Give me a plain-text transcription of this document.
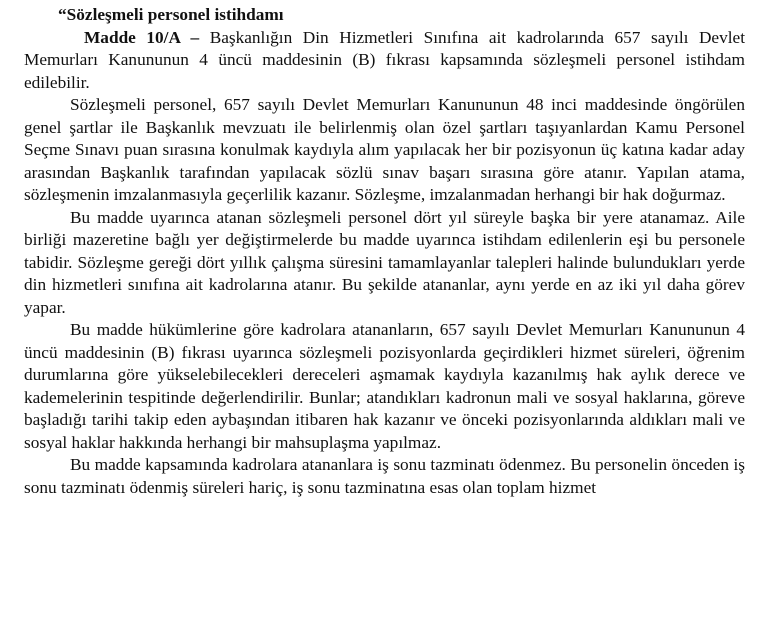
“Sözleşmeli personel istihdamı

Madde 10/A – Başkanlığın Din Hizmetleri Sınıfına ait kadrolarında 657 sayılı Devlet Memurları Kanununun 4 üncü maddesinin (B) fıkrası kapsamında sözleşmeli personel istihdam edilebilir.

Sözleşmeli personel, 657 sayılı Devlet Memurları Kanununun 48 inci maddesinde öngörülen genel şartlar ile Başkanlık mevzuatı ile belirlenmiş olan özel şartları taşıyanlardan Kamu Personel Seçme Sınavı puan sırasına konulmak kaydıyla alım yapılacak her bir pozisyonun üç katına kadar aday arasından Başkanlık tarafından yapılacak sözlü sınav başarı sırasına göre atanır. Yapılan atama, sözleşmenin imzalanmasıyla geçerlilik kazanır. Sözleşme, imzalanmadan herhangi bir hak doğurmaz.

Bu madde uyarınca atanan sözleşmeli personel dört yıl süreyle başka bir yere atanamaz. Aile birliği mazeretine bağlı yer değiştirmelerde bu madde uyarınca istihdam edilenlerin eşi bu personele tabidir. Sözleşme gereği dört yıllık çalışma süresini tamamlayanlar talepleri halinde bulundukları yerde din hizmetleri sınıfına ait kadrolarına atanır. Bu şekilde atananlar, aynı yerde en az iki yıl daha görev yapar.

Bu madde hükümlerine göre kadrolara atananların, 657 sayılı Devlet Memurları Kanununun 4 üncü maddesinin (B) fıkrası uyarınca sözleşmeli pozisyonlarda geçirdikleri hizmet süreleri, öğrenim durumlarına göre yükselebilecekleri dereceleri aşmamak kaydıyla kazanılmış hak aylık derece ve kademelerinin tespitinde değerlendirilir. Bunlar; atandıkları kadronun mali ve sosyal haklarına, göreve başladığı tarihi takip eden aybaşından itibaren hak kazanır ve önceki pozisyonlarında aldıkları mali ve sosyal haklar hakkında herhangi bir mahsuplaşma yapılmaz.

Bu madde kapsamında kadrolara atananlara iş sonu tazminatı ödenmez. Bu personelin önceden iş sonu tazminatı ödenmiş süreleri hariç, iş sonu tazminatına esas olan toplam hizmet
